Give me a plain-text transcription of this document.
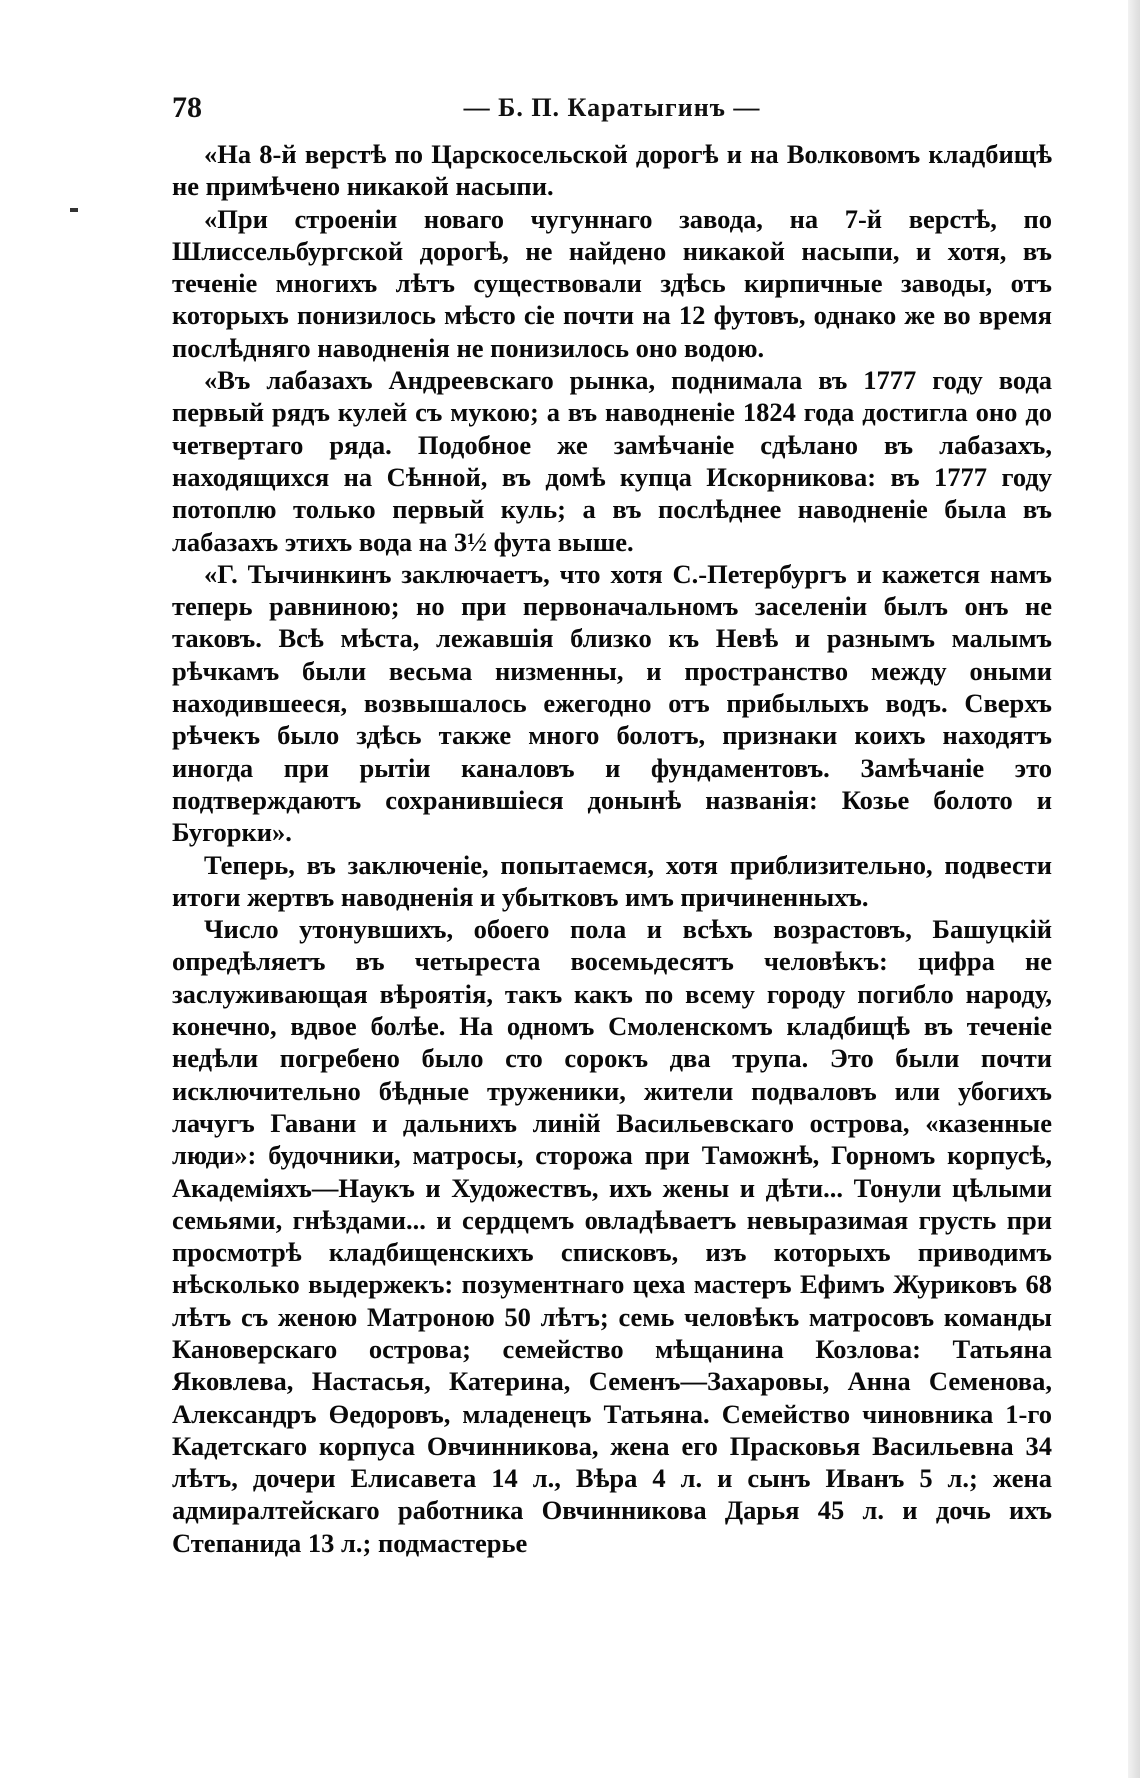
78	— Б. П. Каратыгинъ —

«На 8-й верстѣ по Царскосельской дорогѣ и на Волковомъ кладбищѣ не примѣчено никакой насыпи.

«При строеніи новаго чугуннаго завода, на 7-й верстѣ, по Шлиссельбургской дорогѣ, не найдено никакой насыпи, и хотя, въ теченіе многихъ лѣтъ существовали здѣсь кирпичные заводы, отъ которыхъ понизилось мѣсто сіе почти на 12 футовъ, однако же во время послѣдняго наводненія не понизилось оно водою.

«Въ лабазахъ Андреевскаго рынка, поднимала въ 1777 году вода первый рядъ кулей съ мукою; а въ наводненіе 1824 года достигла оно до четвертаго ряда. Подобное же замѣчаніе сдѣлано въ лабазахъ, находящихся на Сѣнной, въ домѣ купца Искорникова: въ 1777 году потоплю только первый куль; а въ послѣднее наводненіе была въ лабазахъ этихъ вода на 3½ фута выше.

«Г. Тычинкинъ заключаетъ, что хотя С.-Петербургъ и кажется намъ теперь равниною; но при первоначальномъ заселеніи былъ онъ не таковъ. Всѣ мѣста, лежавшія близко къ Невѣ и разнымъ малымъ рѣчкамъ были весьма низменны, и пространство между оными находившееся, возвышалось ежегодно отъ прибылыхъ водъ. Сверхъ рѣчекъ было здѣсь также много болотъ, признаки коихъ находятъ иногда при рытіи каналовъ и фундаментовъ. Замѣчаніе это подтверждаютъ сохранившіеся донынѣ названія: Козье болото и Бугорки».

Теперь, въ заключеніе, попытаемся, хотя приблизительно, подвести итоги жертвъ наводненія и убытковъ имъ причиненныхъ.

Число утонувшихъ, обоего пола и всѣхъ возрастовъ, Башуцкій опредѣляетъ въ четыреста восемьдесятъ человѣкъ: цифра не заслуживающая вѣроятія, такъ какъ по всему городу погибло народу, конечно, вдвое болѣе. На одномъ Смоленскомъ кладбищѣ въ теченіе недѣли погребено было сто сорокъ два трупа. Это были почти исключительно бѣдные труженики, жители подваловъ или убогихъ лачугъ Гавани и дальнихъ линій Васильевскаго острова, «казенные люди»: будочники, матросы, сторожа при Таможнѣ, Горномъ корпусѣ, Академіяхъ—Наукъ и Художествъ, ихъ жены и дѣти... Тонули цѣлыми семьями, гнѣздами... и сердцемъ овладѣваетъ невыразимая грусть при просмотрѣ кладбищенскихъ списковъ, изъ которыхъ приводимъ нѣсколько выдержекъ: позументнаго цеха мастеръ Ефимъ Журиковъ 68 лѣтъ съ женою Матроною 50 лѣтъ; семь человѣкъ матросовъ команды Кановерскаго острова; семейство мѣщанина Козлова: Татьяна Яковлева, Настасья, Катерина, Семенъ—Захаровы, Анна Семенова, Александръ Өедоровъ, младенецъ Татьяна. Семейство чиновника 1-го Кадетскаго корпуса Овчинникова, жена его Прасковья Васильевна 34 лѣтъ, дочери Елисавета 14 л., Вѣра 4 л. и сынъ Иванъ 5 л.; жена адмиралтейскаго работника Овчинникова Дарья 45 л. и дочь ихъ Степанида 13 л.; подмастерье
